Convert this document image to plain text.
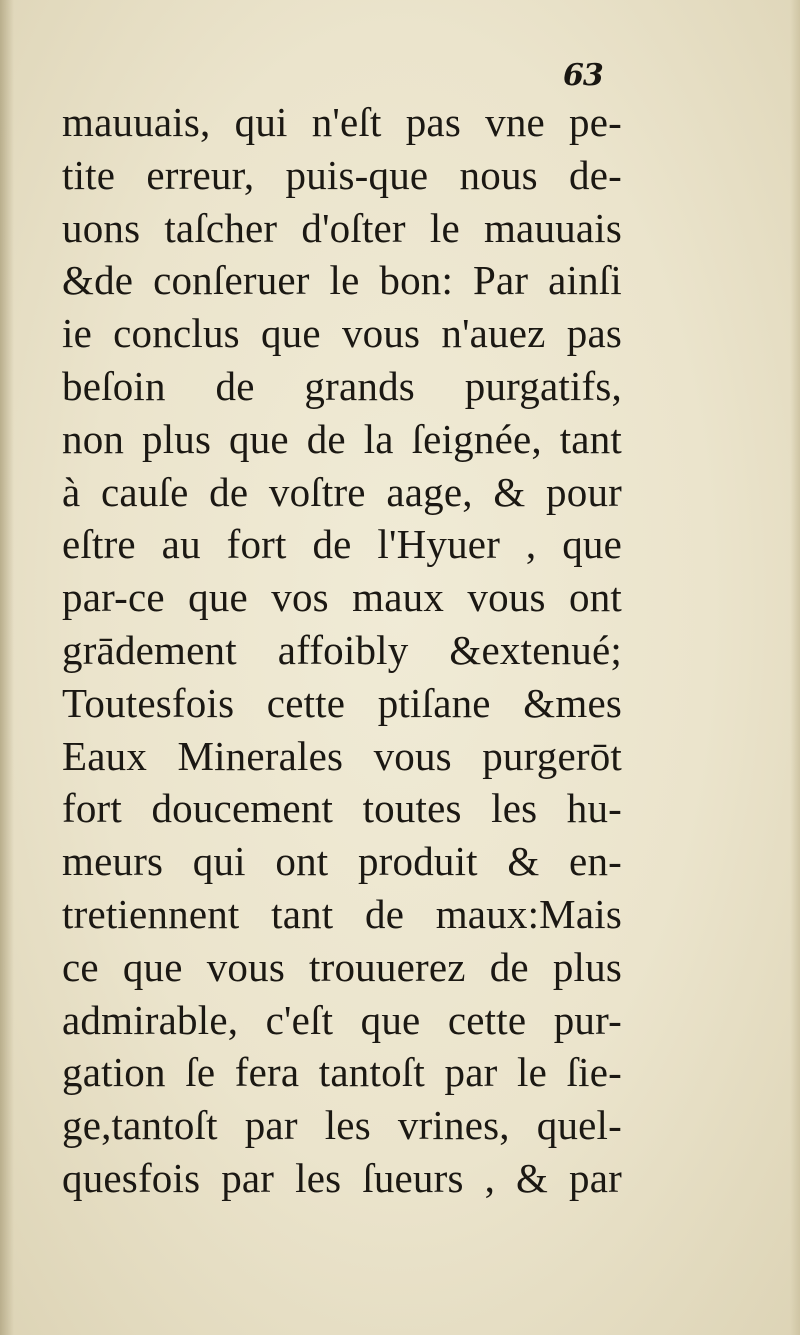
63
mauuais, qui n'eſt pas vne pe-
tite erreur, puis-que nous de-
uons taſcher d'oſter le mauuais
&de conſeruer le bon: Par ainſi
ie conclus que vous n'auez pas
beſoin de grands purgatifs,
non plus que de la ſeignée, tant
à cauſe de voſtre aage, & pour
eſtre au fort de l'Hyuer , que
par-ce que vos maux vous ont
grādement affoibly &extenué;
Toutesfois cette ptiſane &mes
Eaux Minerales vous purgerōt
fort doucement toutes les hu-
meurs qui ont produit & en-
tretiennent tant de maux:Mais
ce que vous trouuerez de plus
admirable, c'eſt que cette pur-
gation ſe fera tantoſt par le ſie-
ge,tantoſt par les vrines, quel-
quesfois par les ſueurs , & par
